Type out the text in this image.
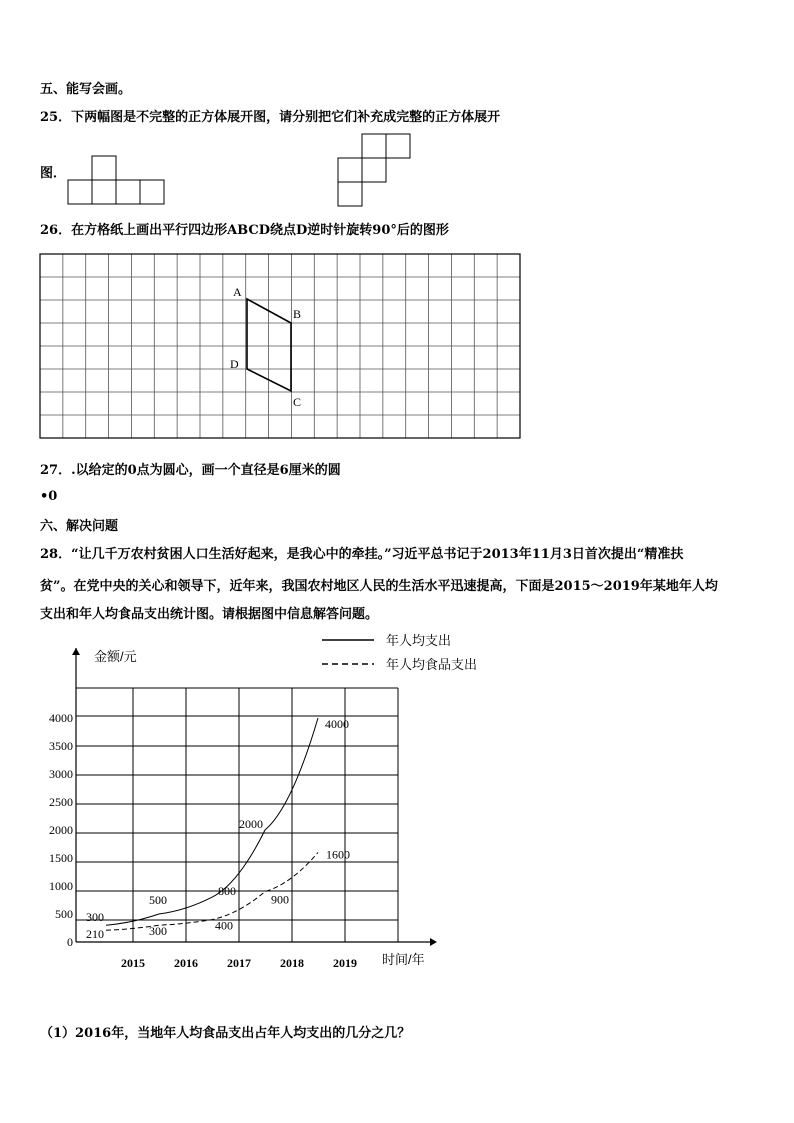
五、能写会画。
25．下两幅图是不完整的正方体展开图，请分别把它们补充成完整的正方体展开
图．
26．在方格纸上画出平行四边形ABCD绕点D逆时针旋转90°后的图形
A
B
C
D
27．.以给定的0点为圆心，画一个直径是6厘米的圆
•0
六、解决问题
28．“让几千万农村贫困人口生活好起来，是我心中的牵挂。”习近平总书记于2013年11月3日首次提出“精准扶
贫”。在党中央的关心和领导下，近年来，我国农村地区人民的生活水平迅速提高，下面是2015～2019年某地年人均
支出和年人均食品支出统计图。请根据图中信息解答问题。
0
500
1000
1500
2000
2500
3000
3500
4000
2015 2016 2017 2018 2019
300
500
800
2000
4000
210	300	400
900
1600
年人均支出
年人均食品支出
金额/元
时间/年
（1）2016年，当地年人均食品支出占年人均支出的几分之几？
